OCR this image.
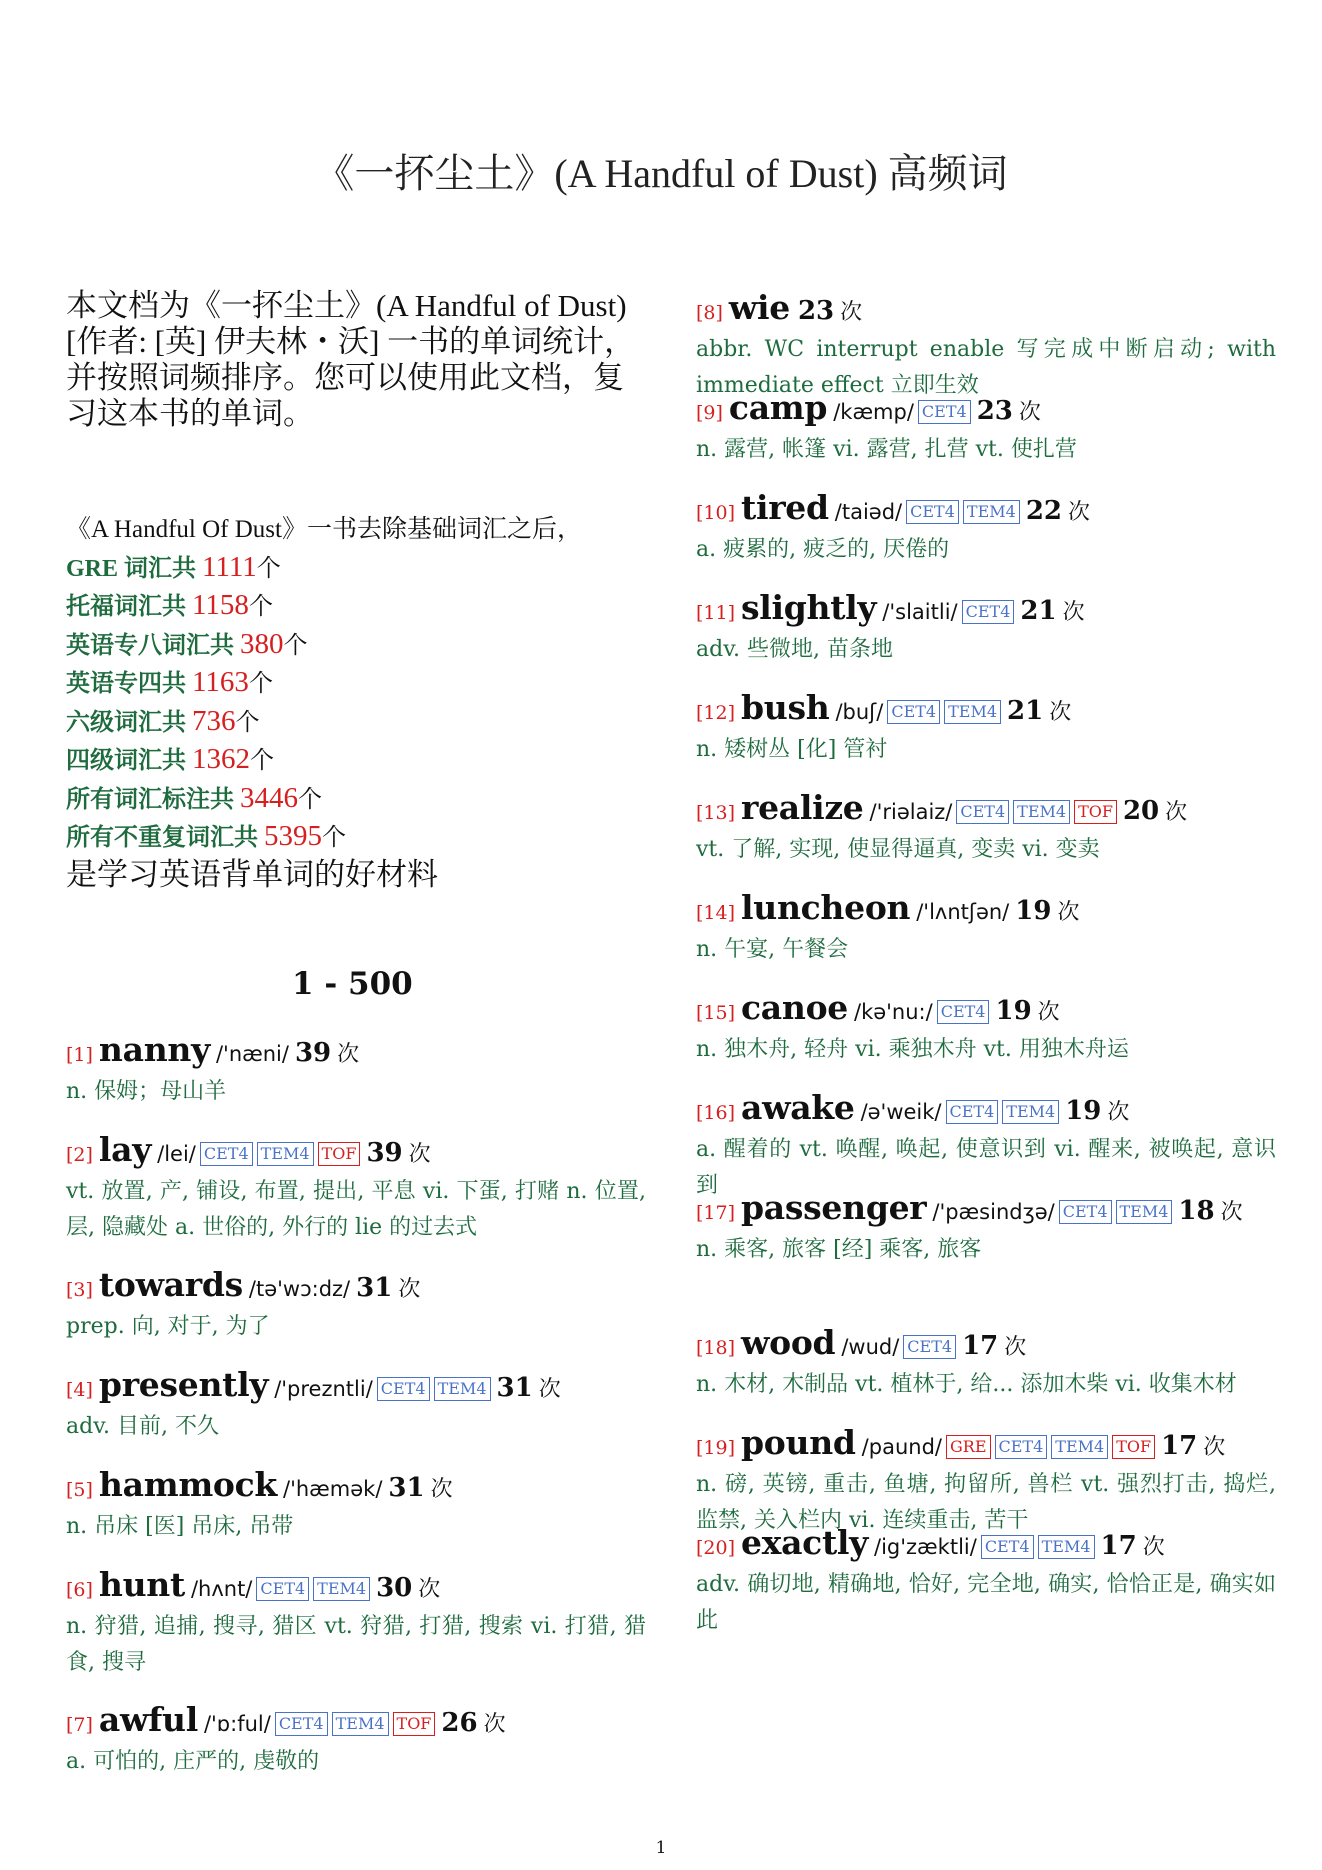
《一抔尘土》(A Handful of Dust) 高频词
本文档为《一抔尘土》(A Handful of Dust)[作者: [英] 伊夫林・沃] 一书的单词统计，并按照词频排序。您可以使用此文档，复习这本书的单词。
《A Handful Of Dust》一书去除基础词汇之后，
GRE 词汇共 1111个
托福词汇共 1158个
英语专八词汇共 380个
英语专四共 1163个
六级词汇共 736个
四级词汇共 1362个
所有词汇标注共 3446个
所有不重复词汇共 5395个
是学习英语背单词的好材料
1 - 500
[1] nanny /'næni/ 39 次
n. 保姆；母山羊
[2] lay /lei/ CET4 TEM4 TOF 39 次
vt. 放置, 产, 铺设, 布置, 提出, 平息 vi. 下蛋, 打赌 n. 位置, 层, 隐藏处 a. 世俗的, 外行的 lie 的过去式
[3] towards /tə'wɔ:dz/ 31 次
prep. 向, 对于, 为了
[4] presently /'prezntli/ CET4 TEM4 31 次
adv. 目前, 不久
[5] hammock /'hæmək/ 31 次
n. 吊床 [医] 吊床, 吊带
[6] hunt /hʌnt/ CET4 TEM4 30 次
n. 狩猎, 追捕, 搜寻, 猎区 vt. 狩猎, 打猎, 搜索 vi. 打猎, 猎食, 搜寻
[7] awful /'ɒ:ful/ CET4 TEM4 TOF 26 次
a. 可怕的, 庄严的, 虔敬的
[8] wie 23 次
abbr. WC interrupt enable 写完成中断启动; with immediate effect 立即生效
[9] camp /kæmp/ CET4 23 次
n. 露营, 帐篷 vi. 露营, 扎营 vt. 使扎营
[10] tired /taiəd/ CET4 TEM4 22 次
a. 疲累的, 疲乏的, 厌倦的
[11] slightly /'slaitli/ CET4 21 次
adv. 些微地, 苗条地
[12] bush /buʃ/ CET4 TEM4 21 次
n. 矮树丛 [化] 管衬
[13] realize /'riəlaiz/ CET4 TEM4 TOF 20 次
vt. 了解, 实现, 使显得逼真, 变卖 vi. 变卖
[14] luncheon /'lʌntʃən/ 19 次
n. 午宴, 午餐会
[15] canoe /kə'nu:/ CET4 19 次
n. 独木舟, 轻舟 vi. 乘独木舟 vt. 用独木舟运
[16] awake /ə'weik/ CET4 TEM4 19 次
a. 醒着的 vt. 唤醒, 唤起, 使意识到 vi. 醒来, 被唤起, 意识到
[17] passenger /'pæsindʒə/ CET4 TEM4 18 次
n. 乘客, 旅客 [经] 乘客, 旅客
[18] wood /wud/ CET4 17 次
n. 木材, 木制品 vt. 植林于, 给... 添加木柴 vi. 收集木材
[19] pound /paund/ GRE CET4 TEM4 TOF 17 次
n. 磅, 英镑, 重击, 鱼塘, 拘留所, 兽栏 vt. 强烈打击, 捣烂, 监禁, 关入栏内 vi. 连续重击, 苦干
[20] exactly /ig'zæktli/ CET4 TEM4 17 次
adv. 确切地, 精确地, 恰好, 完全地, 确实, 恰恰正是, 确实如此
1
